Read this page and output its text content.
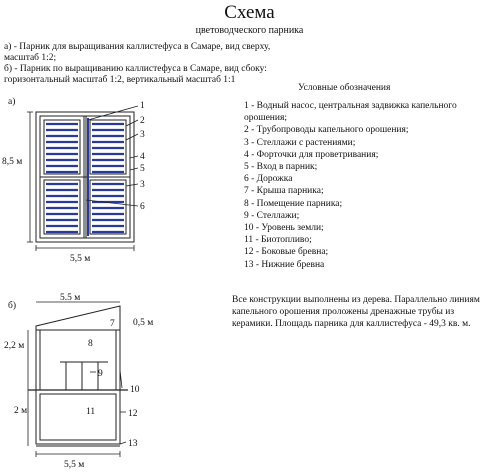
Схема
цветоводческого парника
а) - Парник для выращивания каллистефуса в Самаре, вид сверху,
масштаб 1:2;
б) - Парник по выращиванию каллистефуса в Самаре, вид сбоку:
горизонтальный масштаб 1:2, вертикальный масштаб 1:1
Условные обозначения
1 - Водный насос, центральная задвижка капельного орошения;
2 - Трубопроводы капельного орошения;
3 - Стеллажи с растениями;
4 - Форточки для проветривания;
5 - Вход в парник;
6 - Дорожка
7 - Крыша парника;
8 - Помещение парника;
9 - Стеллажи;
10 - Уровень земли;
11 - Биотопливо;
12 - Боковые бревна;
13 - Нижние бревна
Все конструкции выполнены из дерева. Параллельно линиям капельного орошения проложены дренажные трубы из керамики. Площадь парника для каллистефуса - 49,3 кв. м.
а)
8,5 м
5,5 м
1
2
3
4
5
3
6
б)
5.5 м
0,5 м
2,2 м
2 м
5,5 м
7
8
9
10
11	12
13
